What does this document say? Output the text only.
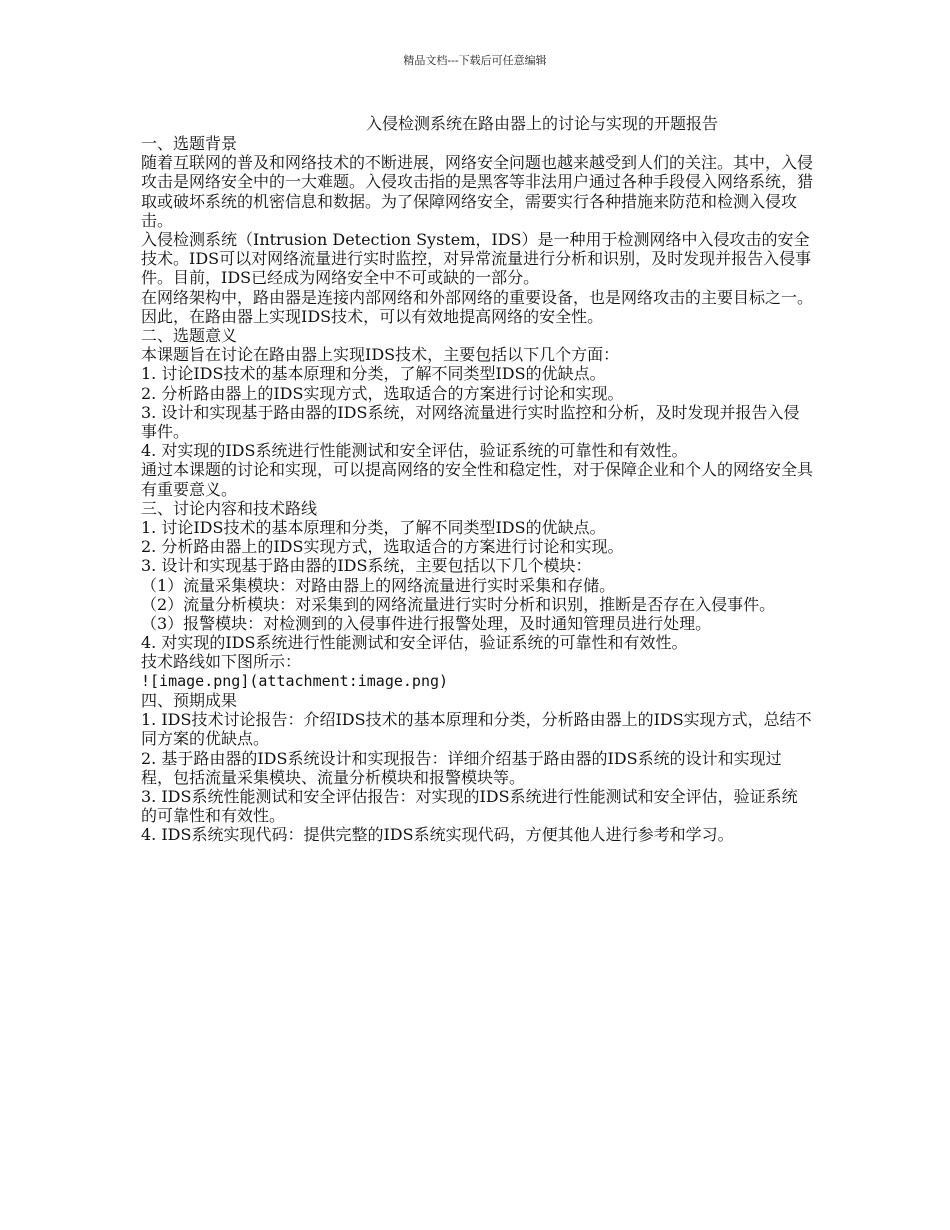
精品文档---下载后可任意编辑
入侵检测系统在路由器上的讨论与实现的开题报告

一、选题背景

随着互联网的普及和网络技术的不断进展，网络安全问题也越来越受到人们的关注。其中，入侵攻击是网络安全中的一大难题。入侵攻击指的是黑客等非法用户通过各种手段侵入网络系统，猎取或破坏系统的机密信息和数据。为了保障网络安全，需要实行各种措施来防范和检测入侵攻击。

入侵检测系统（Intrusion Detection System，IDS）是一种用于检测网络中入侵攻击的安全技术。IDS可以对网络流量进行实时监控，对异常流量进行分析和识别，及时发现并报告入侵事件。目前，IDS已经成为网络安全中不可或缺的一部分。

在网络架构中，路由器是连接内部网络和外部网络的重要设备，也是网络攻击的主要目标之一。因此，在路由器上实现IDS技术，可以有效地提高网络的安全性。

二、选题意义

本课题旨在讨论在路由器上实现IDS技术，主要包括以下几个方面：

1. 讨论IDS技术的基本原理和分类，了解不同类型IDS的优缺点。

2. 分析路由器上的IDS实现方式，选取适合的方案进行讨论和实现。

3. 设计和实现基于路由器的IDS系统，对网络流量进行实时监控和分析，及时发现并报告入侵事件。

4. 对实现的IDS系统进行性能测试和安全评估，验证系统的可靠性和有效性。

通过本课题的讨论和实现，可以提高网络的安全性和稳定性，对于保障企业和个人的网络安全具有重要意义。

三、讨论内容和技术路线

1. 讨论IDS技术的基本原理和分类，了解不同类型IDS的优缺点。

2. 分析路由器上的IDS实现方式，选取适合的方案进行讨论和实现。

3. 设计和实现基于路由器的IDS系统，主要包括以下几个模块：

（1）流量采集模块：对路由器上的网络流量进行实时采集和存储。

（2）流量分析模块：对采集到的网络流量进行实时分析和识别，推断是否存在入侵事件。

（3）报警模块：对检测到的入侵事件进行报警处理，及时通知管理员进行处理。

4. 对实现的IDS系统进行性能测试和安全评估，验证系统的可靠性和有效性。

技术路线如下图所示：

![image.png](attachment:image.png)

四、预期成果

1. IDS技术讨论报告：介绍IDS技术的基本原理和分类，分析路由器上的IDS实现方式，总结不同方案的优缺点。

2. 基于路由器的IDS系统设计和实现报告：详细介绍基于路由器的IDS系统的设计和实现过程，包括流量采集模块、流量分析模块和报警模块等。

3. IDS系统性能测试和安全评估报告：对实现的IDS系统进行性能测试和安全评估，验证系统的可靠性和有效性。

4. IDS系统实现代码：提供完整的IDS系统实现代码，方便其他人进行参考和学习。
